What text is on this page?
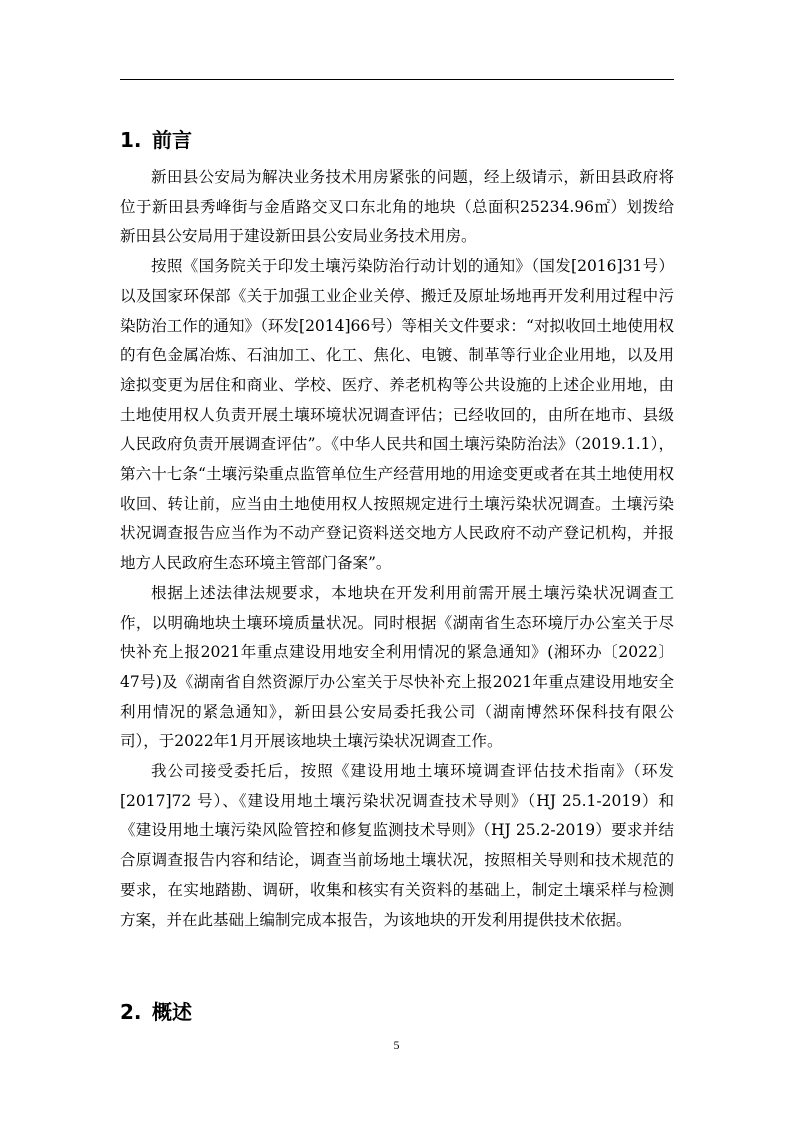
1. 前言

新田县公安局为解决业务技术用房紧张的问题，经上级请示，新田县政府将位于新田县秀峰街与金盾路交叉口东北角的地块（总面积25234.96㎡）划拨给新田县公安局用于建设新田县公安局业务技术用房。

按照《国务院关于印发土壤污染防治行动计划的通知》（国发[2016]31号）以及国家环保部《关于加强工业企业关停、搬迁及原址场地再开发利用过程中污染防治工作的通知》（环发[2014]66号）等相关文件要求：“对拟收回土地使用权的有色金属冶炼、石油加工、化工、焦化、电镀、制革等行业企业用地，以及用途拟变更为居住和商业、学校、医疗、养老机构等公共设施的上述企业用地，由土地使用权人负责开展土壤环境状况调查评估；已经收回的，由所在地市、县级人民政府负责开展调查评估”。《中华人民共和国土壤污染防治法》（2019.1.1），第六十七条“土壤污染重点监管单位生产经营用地的用途变更或者在其土地使用权收回、转让前，应当由土地使用权人按照规定进行土壤污染状况调查。土壤污染状况调查报告应当作为不动产登记资料送交地方人民政府不动产登记机构，并报地方人民政府生态环境主管部门备案”。

根据上述法律法规要求，本地块在开发利用前需开展土壤污染状况调查工作，以明确地块土壤环境质量状况。同时根据《湖南省生态环境厅办公室关于尽快补充上报2021年重点建设用地安全利用情况的紧急通知》(湘环办〔2022〕47号)及《湖南省自然资源厅办公室关于尽快补充上报2021年重点建设用地安全利用情况的紧急通知》，新田县公安局委托我公司（湖南博然环保科技有限公司），于2022年1月开展该地块土壤污染状况调查工作。

我公司接受委托后，按照《建设用地土壤环境调查评估技术指南》（环发[2017]72 号）、《建设用地土壤污染状况调查技术导则》（HJ 25.1-2019）和《建设用地土壤污染风险管控和修复监测技术导则》（HJ 25.2-2019）要求并结合原调查报告内容和结论，调查当前场地土壤状况，按照相关导则和技术规范的要求，在实地踏勘、调研，收集和核实有关资料的基础上，制定土壤采样与检测方案，并在此基础上编制完成本报告，为该地块的开发利用提供技术依据。

2. 概述
5
